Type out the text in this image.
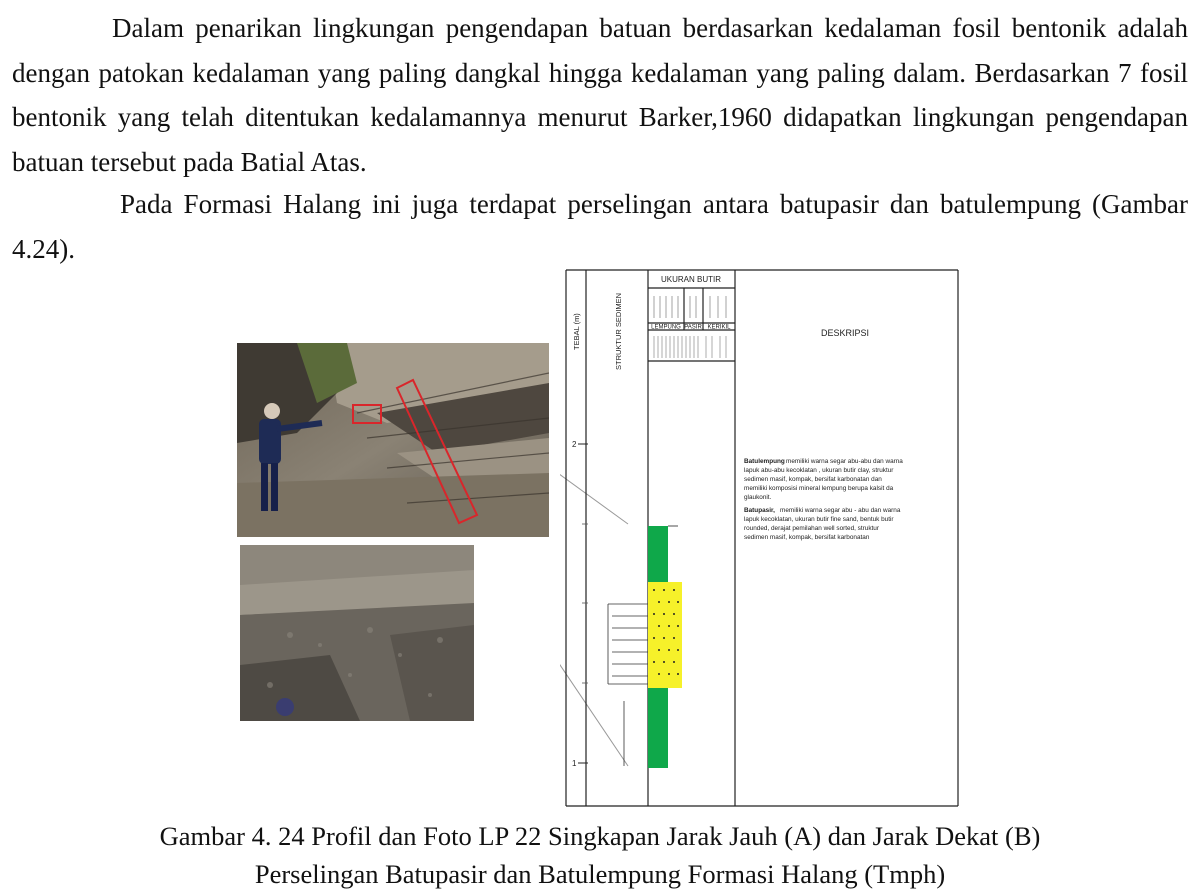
Dalam penarikan lingkungan pengendapan batuan berdasarkan kedalaman fosil bentonik adalah dengan patokan kedalaman yang paling dangkal hingga kedalaman yang paling dalam. Berdasarkan 7 fosil bentonik yang telah ditentukan kedalamannya menurut Barker,1960 didapatkan lingkungan pengendapan batuan tersebut pada Batial Atas.

Pada Formasi Halang ini juga terdapat perselingan antara batupasir dan batulempung (Gambar 4.24).

TEBAL (m)	STRUKTUR SEDIMEN
UKURAN BUTIR
LEMPUNG PASIR KERIKIL
DESKRIPSI
2
1
Batulempung memiliki warna segar abu-abu dan warna
lapuk abu-abu kecoklatan , ukuran butir clay, struktur
sedimen masif, kompak, bersifat karbonatan dan
memiliki komposisi mineral lempung berupa kalsit da
glaukonit.
Batupasir, memiliki warna segar abu - abu dan warna
lapuk kecoklatan, ukuran butir fine sand, bentuk butir
rounded, derajat pemilahan well sorted, struktur
sedimen masif, kompak, bersifat karbonatan

Gambar 4. 24 Profil dan Foto LP 22 Singkapan Jarak Jauh (A) dan Jarak Dekat (B)

Perselingan Batupasir dan Batulempung Formasi Halang (Tmph)
